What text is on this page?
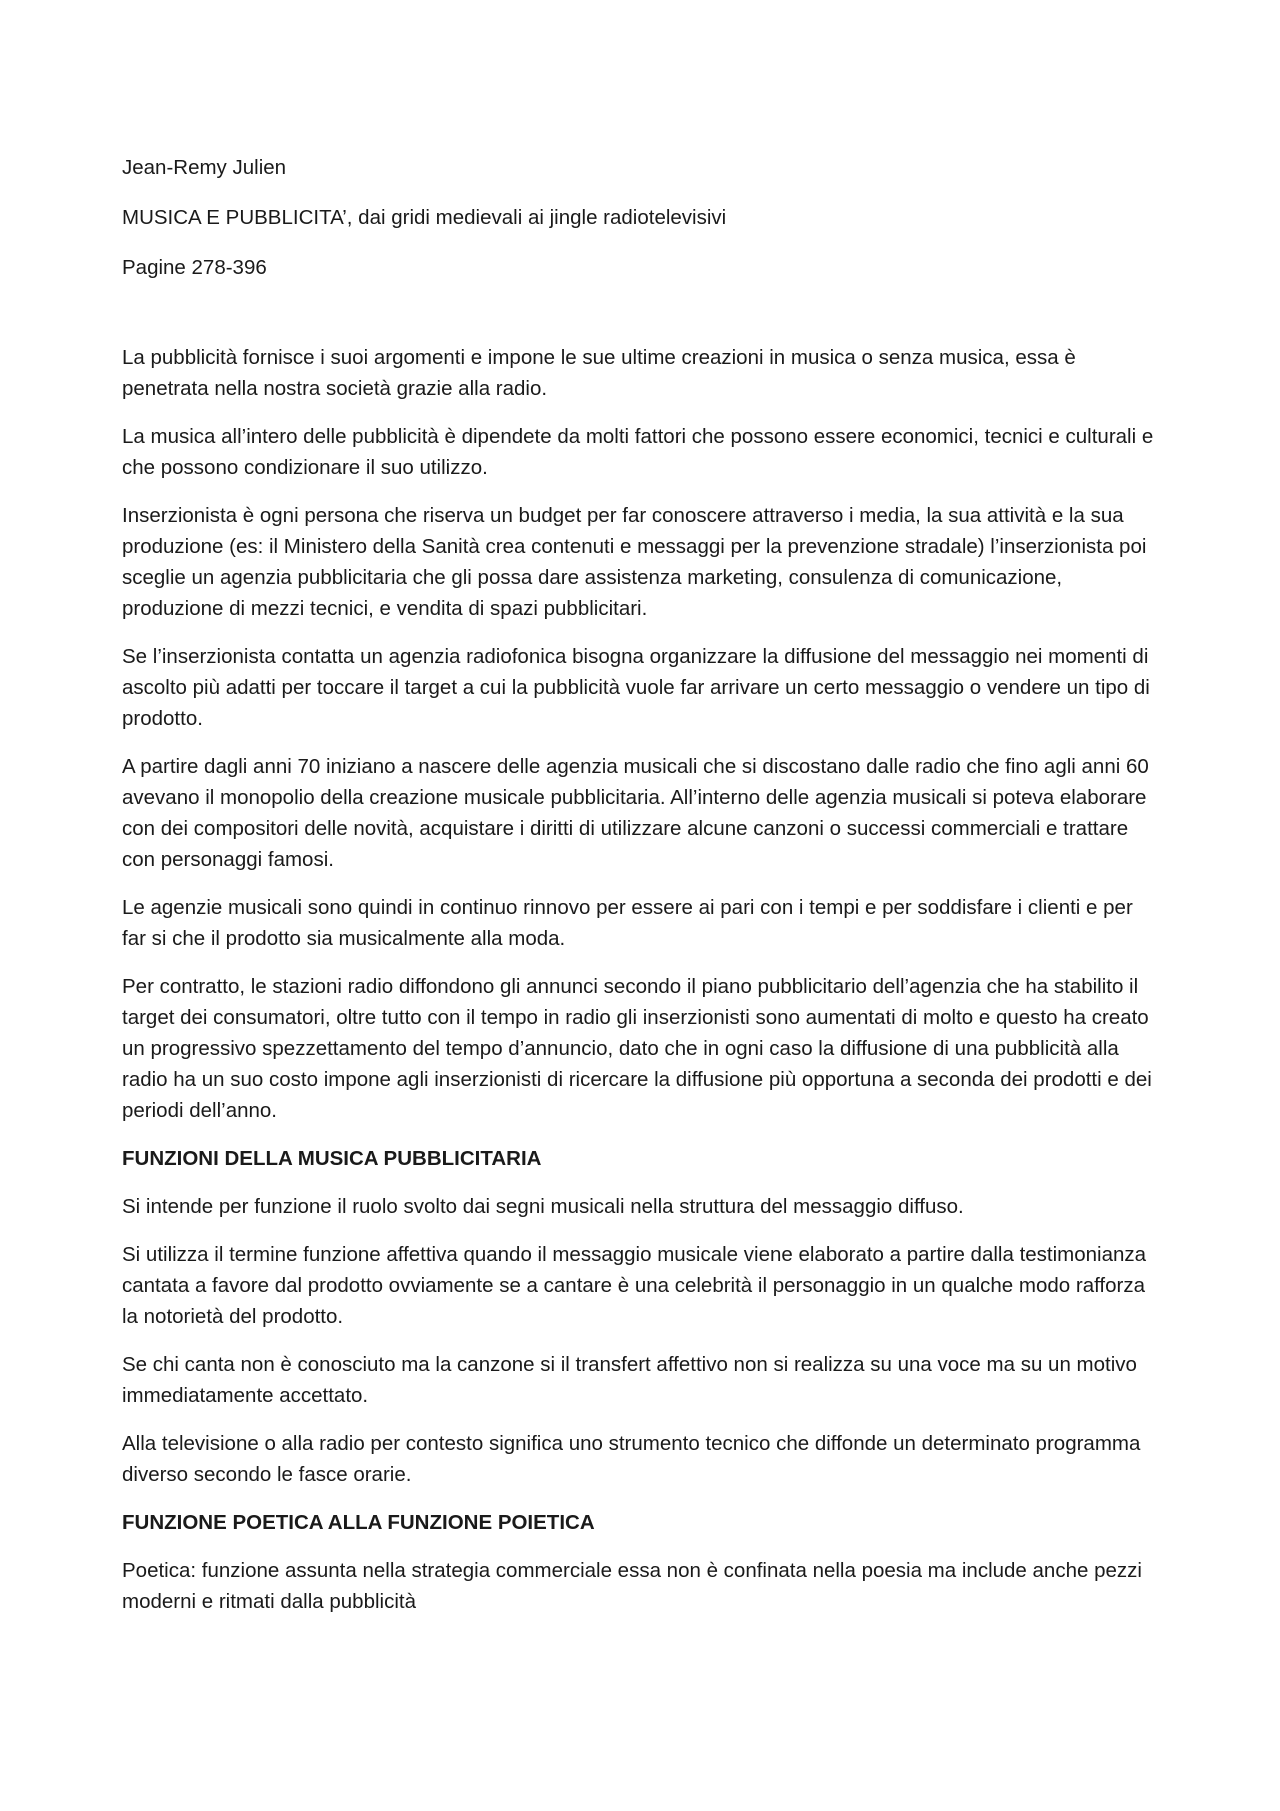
Jean-Remy Julien

MUSICA E PUBBLICITA’, dai gridi medievali ai jingle radiotelevisivi

Pagine 278-396

La pubblicità fornisce i suoi argomenti e impone le sue ultime creazioni in musica o senza musica, essa è penetrata nella nostra società grazie alla radio.

La musica all’intero delle pubblicità è dipendete da molti fattori che possono essere economici, tecnici e culturali e che possono condizionare il suo utilizzo.

Inserzionista è ogni persona che riserva un budget per far conoscere attraverso i media, la sua attività e la sua produzione (es: il Ministero della Sanità crea contenuti e messaggi per la prevenzione stradale) l’inserzionista poi sceglie un agenzia pubblicitaria che gli possa dare assistenza marketing, consulenza di comunicazione, produzione di mezzi tecnici, e vendita di spazi pubblicitari.

Se l’inserzionista contatta un agenzia radiofonica bisogna organizzare la diffusione del messaggio nei momenti di ascolto più adatti per toccare il target a cui la pubblicità vuole far arrivare un certo messaggio o vendere un tipo di prodotto.

A partire dagli anni 70 iniziano a nascere delle agenzia musicali che si discostano dalle radio che fino agli anni 60 avevano il monopolio della creazione musicale pubblicitaria. All’interno delle agenzia musicali si poteva elaborare con dei compositori delle novità, acquistare i diritti di utilizzare alcune canzoni o successi commerciali e trattare con personaggi famosi.

Le agenzie musicali sono quindi in continuo rinnovo per essere ai pari con i tempi e per soddisfare i clienti e per far si che il prodotto sia musicalmente alla moda.

Per contratto, le stazioni radio diffondono gli annunci secondo il piano pubblicitario dell’agenzia che ha stabilito il target dei consumatori, oltre tutto con il tempo in radio gli inserzionisti sono aumentati di molto e questo ha creato un progressivo spezzettamento del tempo d’annuncio, dato che in ogni caso la diffusione di una pubblicità alla radio ha un suo costo impone agli inserzionisti di ricercare la diffusione più opportuna a seconda dei prodotti e dei periodi dell’anno.

FUNZIONI DELLA MUSICA PUBBLICITARIA

Si intende per funzione il ruolo svolto dai segni musicali nella struttura del messaggio diffuso.

Si utilizza il termine funzione affettiva quando il messaggio musicale viene elaborato a partire dalla testimonianza cantata a favore dal prodotto ovviamente se a cantare è una celebrità il personaggio in un qualche modo rafforza la notorietà del prodotto.

Se chi canta non è conosciuto ma la canzone si il transfert affettivo non si realizza su una voce ma su un motivo immediatamente accettato.

Alla televisione o alla radio per contesto significa uno strumento tecnico che diffonde un determinato programma diverso secondo le fasce orarie.

FUNZIONE POETICA ALLA FUNZIONE POIETICA

Poetica: funzione assunta nella strategia commerciale essa non è confinata nella poesia ma include anche pezzi moderni e ritmati dalla pubblicità
